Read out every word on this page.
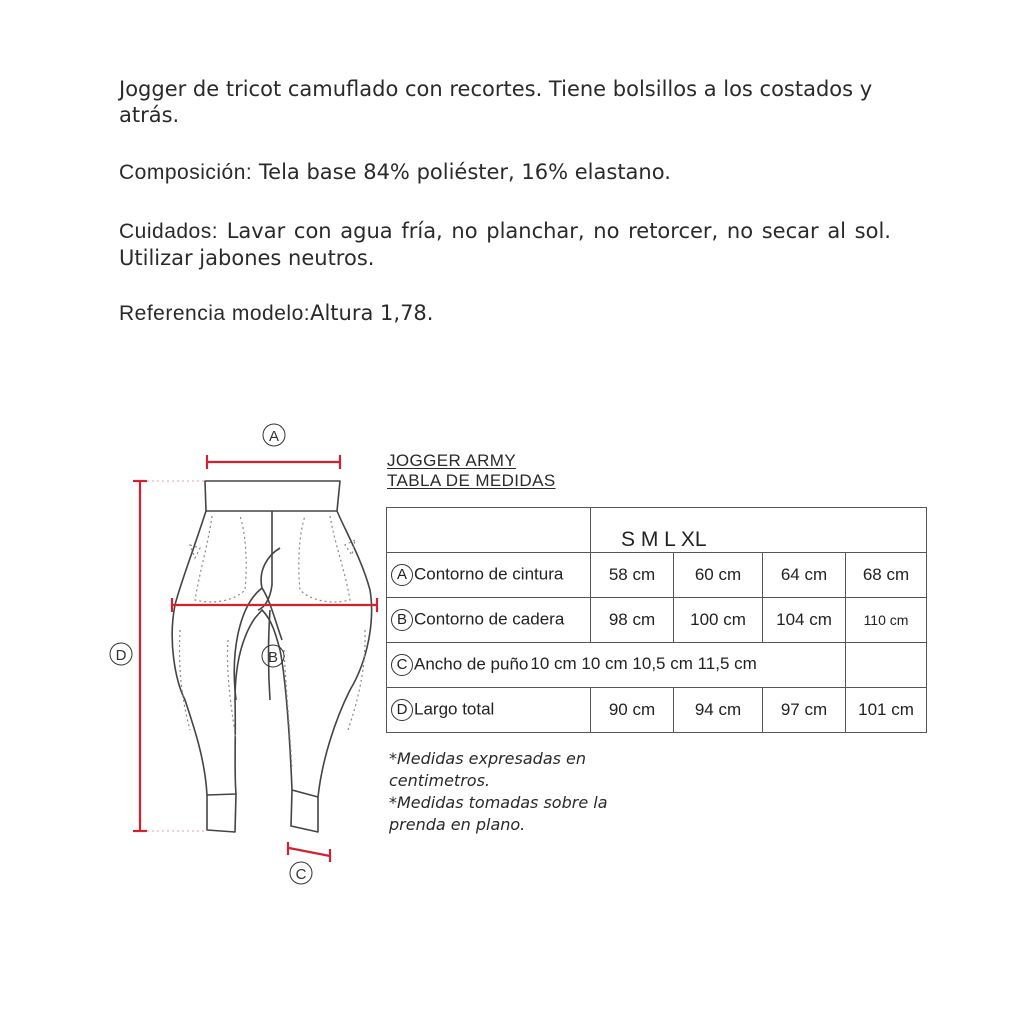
Jogger de tricot camuflado con recortes. Tiene bolsillos a los costados y atrás.
Composición: Tela base 84% poliéster, 16% elastano.
Cuidados: Lavar con agua fría, no planchar, no retorcer, no secar al sol. Utilizar jabones neutros.
Referencia modelo:Altura 1,78.
A
B
C
D
JOGGER ARMY
TABLA DE MEDIDAS
	S M L XL			
A Contorno de cintura	58 cm	60 cm	64 cm	68 cm
B Contorno de cadera	98 cm	100 cm	104 cm	110 cm
C Ancho de puño 10 cm 10 cm 10,5 cm 11,5 cm				
D Largo total	90 cm	94 cm	97 cm	101 cm
*Medidas expresadas en centimetros.
*Medidas tomadas sobre la prenda en plano.
